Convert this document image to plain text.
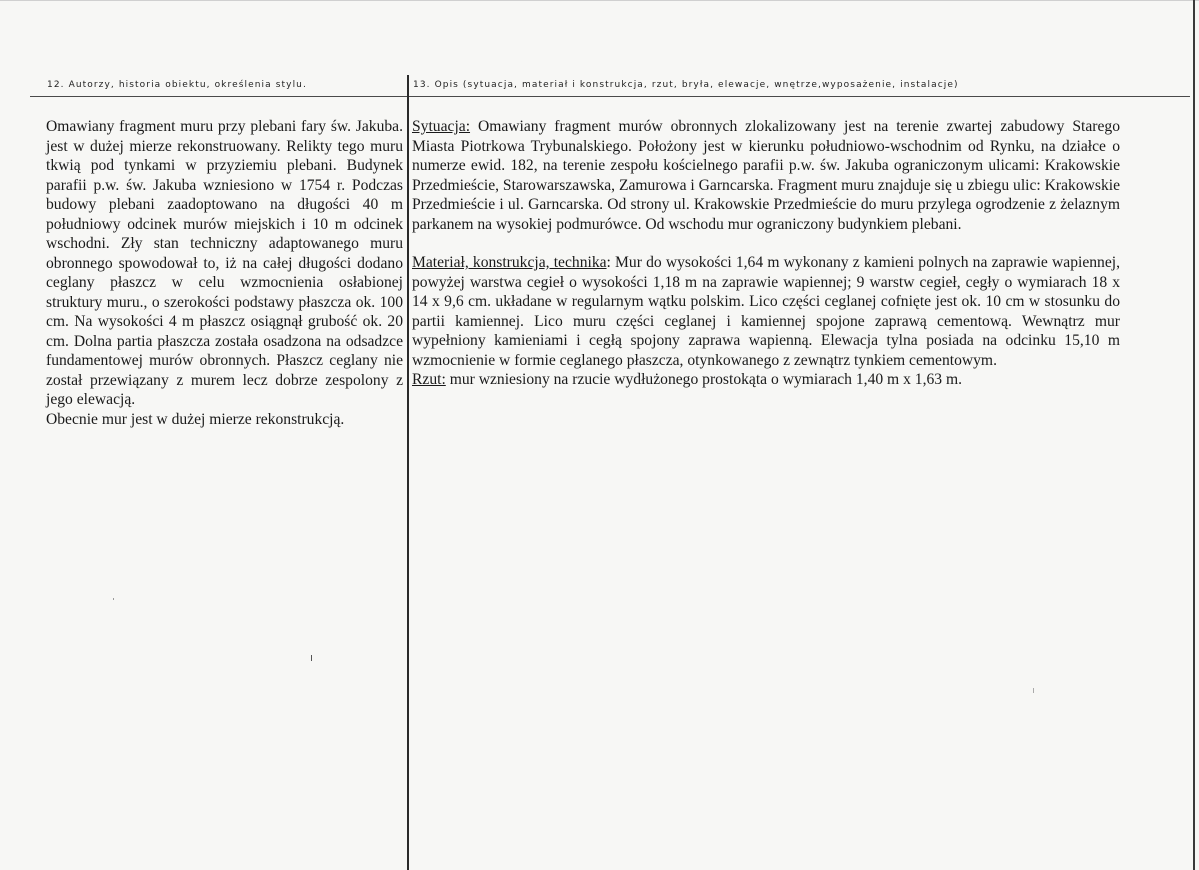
12. Autorzy, historia obiektu, określenia stylu.	13. Opis (sytuacja, materiał i konstrukcja, rzut, bryła, elewacje, wnętrze,wyposażenie, instalacje)
Omawiany fragment muru przy plebani fary św. Jakuba. jest w dużej mierze rekonstruowany. Relikty tego muru tkwią pod tynkami w przyziemiu plebani. Budynek parafii p.w. św. Jakuba wzniesiono w 1754 r. Podczas budowy plebani zaadoptowano na długości 40 m południowy odcinek murów miejskich i 10 m odcinek wschodni. Zły stan techniczny adaptowanego muru obronnego spowodował to, iż na całej długości dodano ceglany płaszcz w celu wzmocnienia osłabionej struktury muru., o szerokości podstawy płaszcza ok. 100 cm. Na wysokości 4 m płaszcz osiągnął grubość ok. 20 cm. Dolna partia płaszcza została osadzona na odsadzce fundamentowej murów obronnych. Płaszcz ceglany nie został przewiązany z murem lecz dobrze zespolony z jego elewacją.
Obecnie mur jest w dużej mierze rekonstrukcją.

Sytuacja: Omawiany fragment murów obronnych zlokalizowany jest na terenie zwartej zabudowy Starego Miasta Piotrkowa Trybunalskiego. Położony jest w kierunku południowo-wschodnim od Rynku, na działce o numerze ewid. 182, na terenie zespołu kościelnego parafii p.w. św. Jakuba ograniczonym ulicami: Krakowskie Przedmieście, Starowarszawska, Zamurowa i Garncarska. Fragment muru znajduje się u zbiegu ulic: Krakowskie Przedmieście i ul. Garncarska. Od strony ul. Krakowskie Przedmieście do muru przylega ogrodzenie z żelaznym parkanem na wysokiej podmurówce. Od wschodu mur ograniczony budynkiem plebani.

Materiał, konstrukcja, technika: Mur do wysokości 1,64 m wykonany z kamieni polnych na zaprawie wapiennej, powyżej warstwa cegieł o wysokości 1,18 m na zaprawie wapiennej; 9 warstw cegieł, cegły o wymiarach 18 x 14 x 9,6 cm. układane w regularnym wątku polskim. Lico części ceglanej cofnięte jest ok. 10 cm w stosunku do partii kamiennej. Lico muru części ceglanej i kamiennej spojone zaprawą cementową. Wewnątrz mur wypełniony kamieniami i cegłą spojony zaprawa wapienną. Elewacja tylna posiada na odcinku 15,10 m wzmocnienie w formie ceglanego płaszcza, otynkowanego z zewnątrz tynkiem cementowym.

Rzut: mur wzniesiony na rzucie wydłużonego prostokąta o wymiarach 1,40 m x 1,63 m.
